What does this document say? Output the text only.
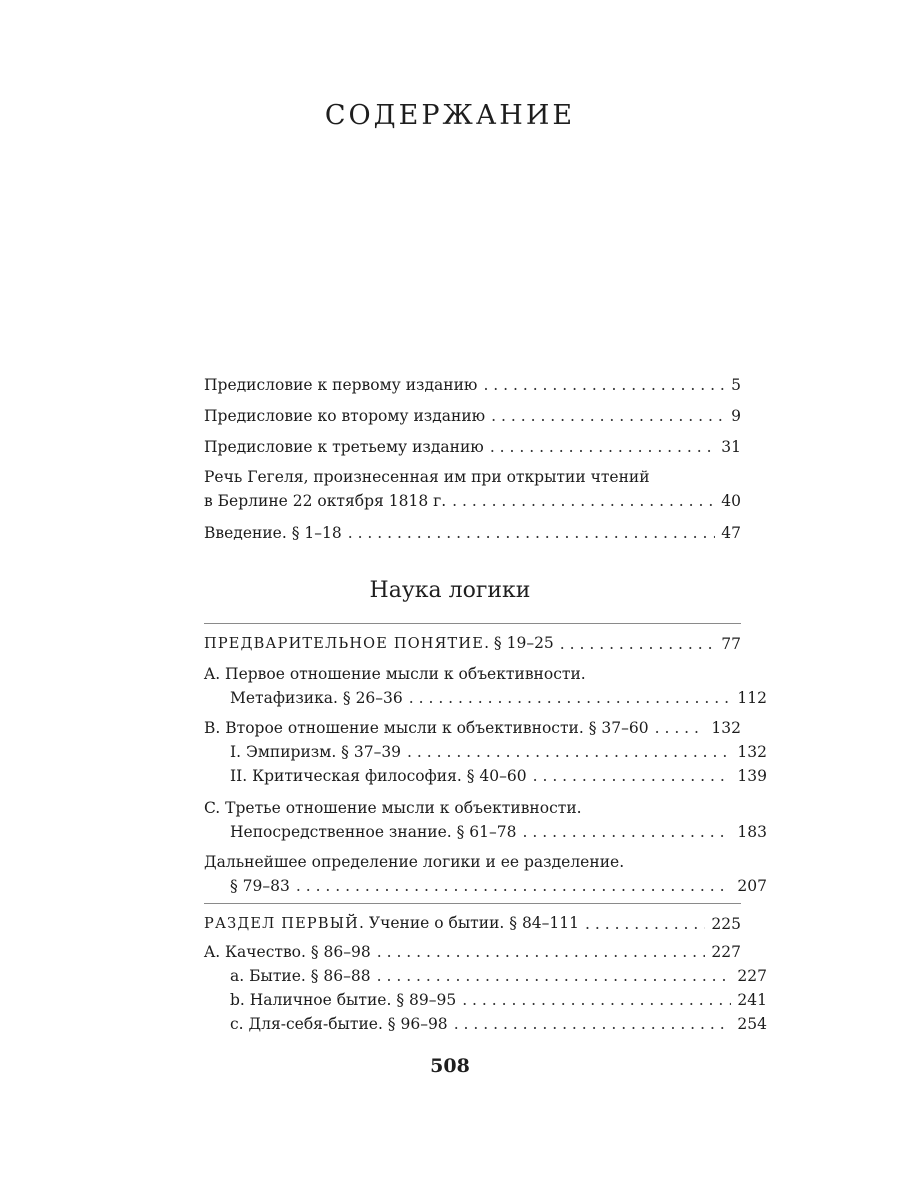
СОДЕРЖАНИЕ
Предисловие к первому изданию . . .	5
Предисловие ко второму изданию . . .	9
Предисловие к третьему изданию . . .	31
Речь Гегеля, произнесенная им при открытии чтений
в Берлине 22 октября 1818 г. . . .	40
Введение. § 1–18 . . .	47
Наука логики
ПРЕДВАРИТЕЛЬНОЕ ПОНЯТИЕ. § 19–25 . . .	77
A. Первое отношение мысли к объективности.
Метафизика. § 26–36 . . .	112
B. Второе отношение мысли к объективности. § 37–60 . . .	132
I. Эмпиризм. § 37–39 . . .	132
II. Критическая философия. § 40–60 . . .	139
C. Третье отношение мысли к объективности.
Непосредственное знание. § 61–78 . . .	183
Дальнейшее определение логики и ее разделение.
§ 79–83 . . .	207
РАЗДЕЛ ПЕРВЫЙ. Учение о бытии. § 84–111 . . .	225
A. Качество. § 86–98 . . .	227
a. Бытие. § 86–88 . . .	227
b. Наличное бытие. § 89–95 . . .	241
c. Для-себя-бытие. § 96–98 . . .	254
508
